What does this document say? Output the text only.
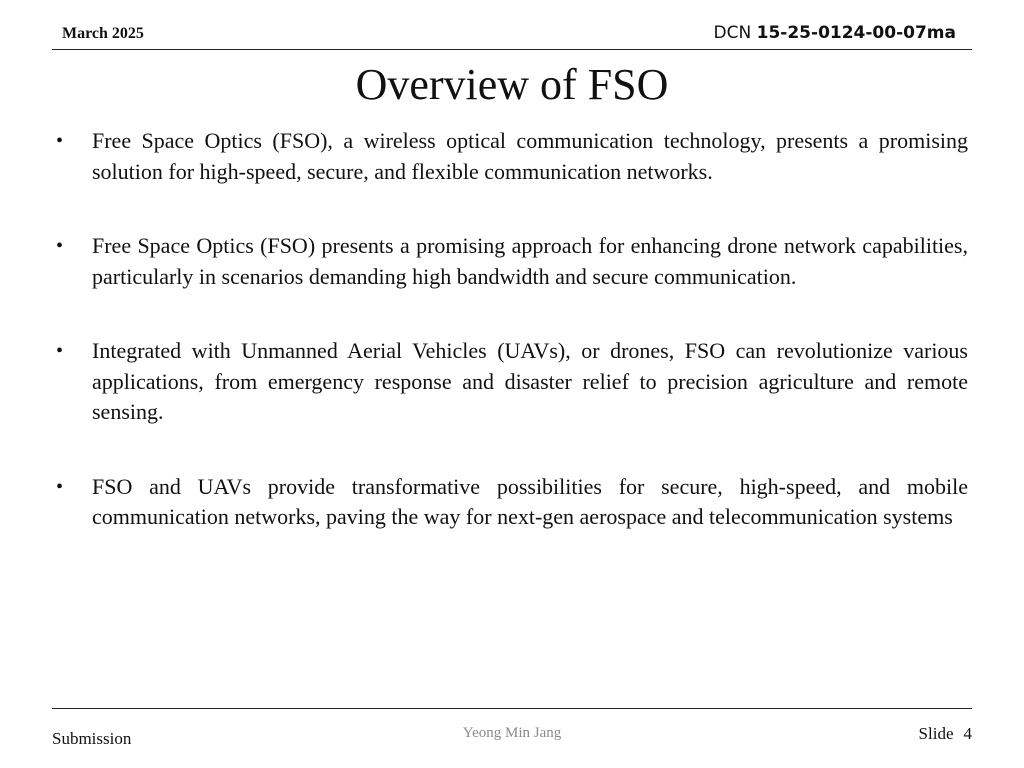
March 2025	DCN 15-25-0124-00-07ma
Overview of FSO
• Free Space Optics (FSO), a wireless optical communication technology, presents a promising solution for high-speed, secure, and flexible communication networks.
• Free Space Optics (FSO) presents a promising approach for enhancing drone network capabilities, particularly in scenarios demanding high bandwidth and secure communication.
• Integrated with Unmanned Aerial Vehicles (UAVs), or drones, FSO can revolutionize various applications, from emergency response and disaster relief to precision agriculture and remote sensing.
• FSO and UAVs provide transformative possibilities for secure, high-speed, and mobile communication networks, paving the way for next-gen aerospace and telecommunication systems
Submission	Yeong Min Jang	Slide 4
